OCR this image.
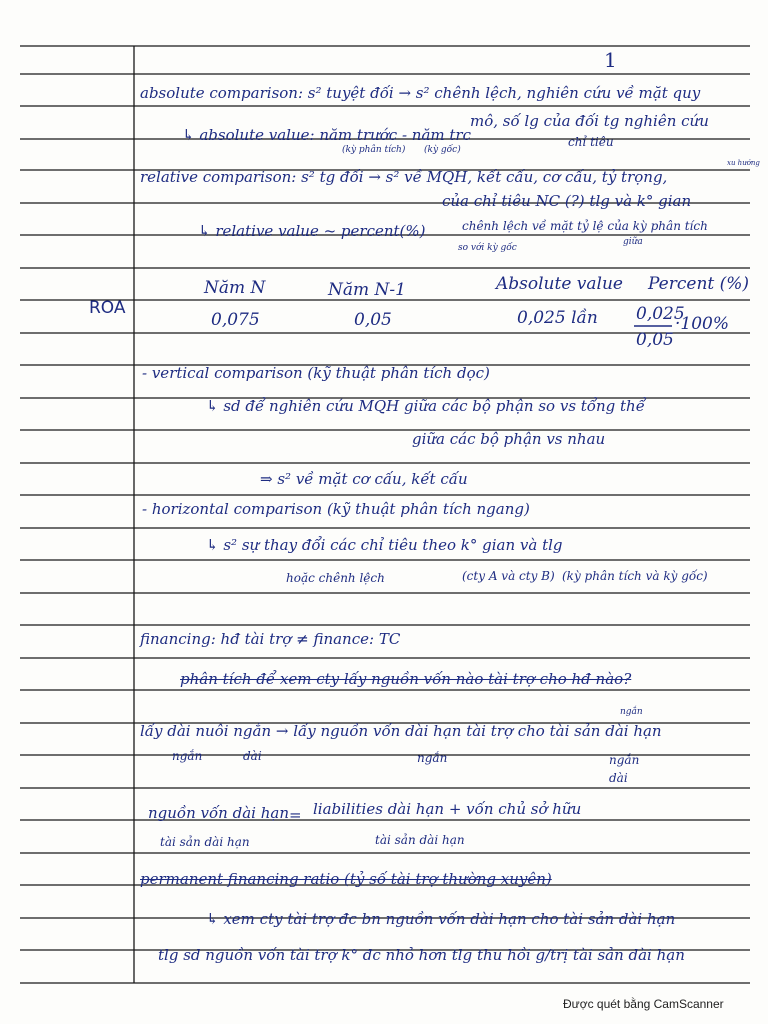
1
absolute comparison: s² tuyệt đối → s² chênh lệch, nghiên cứu về mặt quy
mô, số lg của đối tg nghiên cứu
↳ absolute value: năm trước - năm trc
(kỳ phân tích) (kỳ gốc)
chỉ tiêu
relative comparison: s² tg đối → s² về MQH, kết cấu, cơ cấu, tỷ trọng,
xu hướng
của chỉ tiêu NC (?) tlg và k° gian
↳ relative value ~ percent(%)	chênh lệch về mặt tỷ lệ của kỳ phân tích
so với kỳ gốc
giữa
ROA
Năm N	Năm N-1	Absolute value Percent (%)
0,075	0,05	0,025 lần 0,025
0,05
·100%
- vertical comparison (kỹ thuật phân tích dọc)
↳ sd để nghiên cứu MQH giữa các bộ phận so vs tổng thể
giữa các bộ phận vs nhau
⇒ s² về mặt cơ cấu, kết cấu
- horizontal comparison (kỹ thuật phân tích ngang)
↳ s² sự thay đổi các chỉ tiêu theo k° gian và tlg
hoặc chênh lệch	(cty A và cty B) (kỳ phân tích và kỳ gốc)
financing: hđ tài trợ ≠ finance: TC
phân tích để xem cty lấy nguồn vốn nào tài trợ cho hđ nào?
lấy dài nuôi ngắn → lấy nguồn vốn dài hạn tài trợ cho tài sản dài hạn
ngắn	dài	ngắn
ngắn
ngắn
dài
nguồn vốn dài hạn = liabilities dài hạn + vốn chủ sở hữu
tài sản dài hạn	tài sản dài hạn
permanent financing ratio (tỷ số tài trợ thường xuyên)
↳ xem cty tài trợ đc bn nguồn vốn dài hạn cho tài sản dài hạn
tlg sd nguồn vốn tài trợ k° đc nhỏ hơn tlg thu hồi g/trị tài sản dài hạn
Được quét bằng CamScanner
